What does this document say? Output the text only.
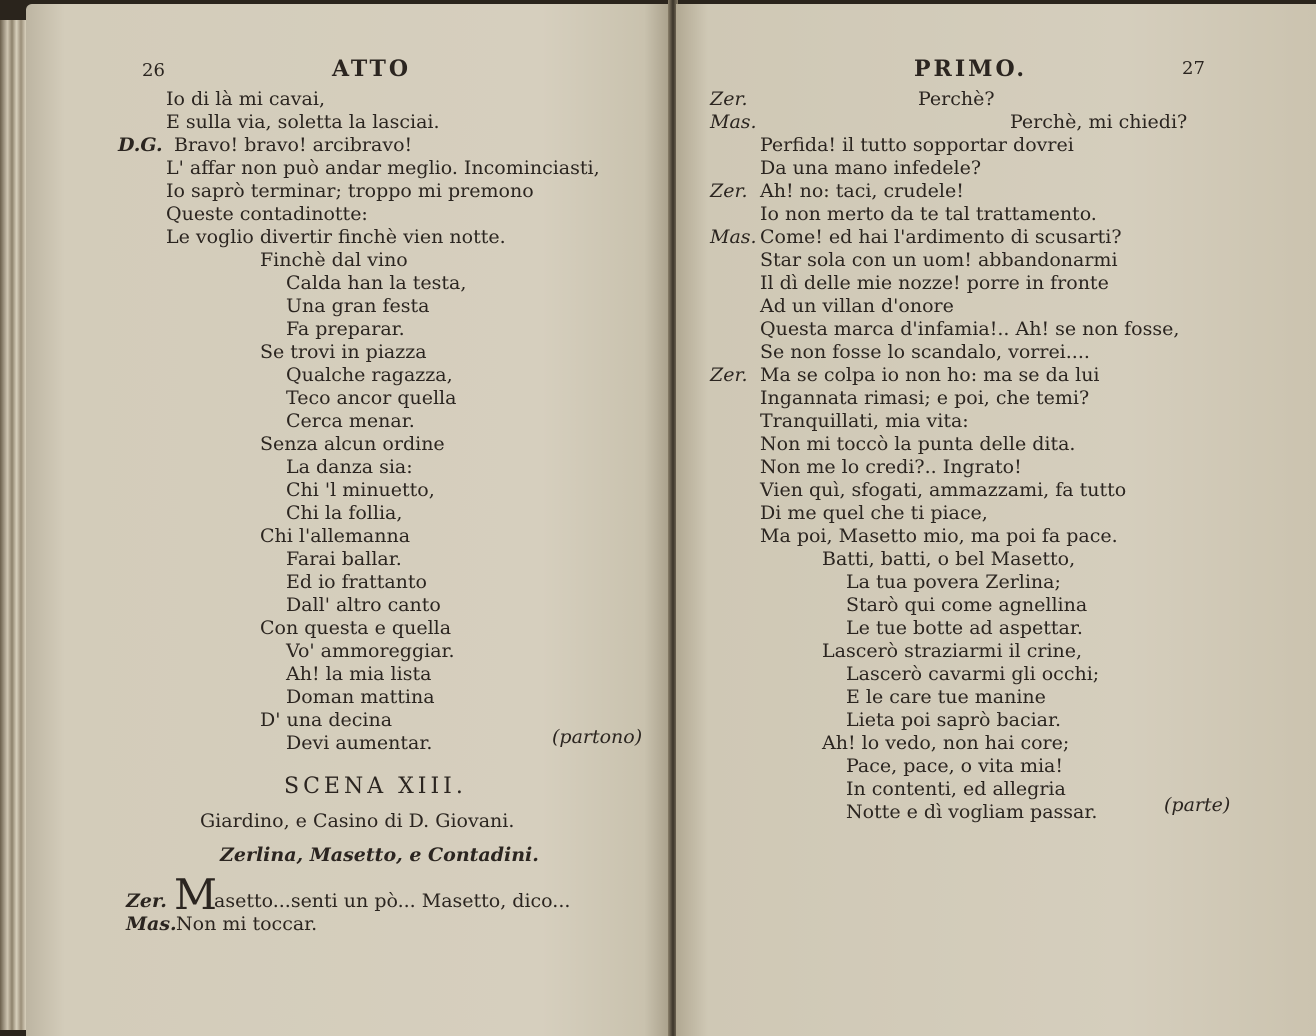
26	ATTO
Io di là mi cavai,
E sulla via, soletta la lasciai.
D.G. Bravo! bravo! arcibravo!
L' affar non può andar meglio. Incominciasti,
Io saprò terminar; troppo mi premono
Queste contadinotte:
Le voglio divertir finchè vien notte.
Finchè dal vino
Calda han la testa,
Una gran festa
Fa preparar.
Se trovi in piazza
Qualche ragazza,
Teco ancor quella
Cerca menar.
Senza alcun ordine
La danza sia:
Chi 'l minuetto,
Chi la follia,
Chi l'allemanna
Farai ballar.
Ed io frattanto
Dall' altro canto
Con questa e quella
Vo' ammoreggiar.
Ah! la mia lista
Doman mattina
D' una decina
Devi aumentar.	(partono)
SCENA XIII.
Giardino, e Casino di D. Giovani.
Zerlina, Masetto, e Contadini.
Zer. M
asetto...senti un pò... Masetto, dico...
Mas. Non mi toccar.
PRIMO.	27
Zer.	Perchè?
Mas.	Perchè, mi chiedi?
Perfida! il tutto sopportar dovrei
Da una mano infedele?
Zer. Ah! no: taci, crudele!
Io non merto da te tal trattamento.
Mas. Come! ed hai l'ardimento di scusarti?
Star sola con un uom! abbandonarmi
Il dì delle mie nozze! porre in fronte
Ad un villan d'onore
Questa marca d'infamia!.. Ah! se non fosse,
Se non fosse lo scandalo, vorrei....
Zer. Ma se colpa io non ho: ma se da lui
Ingannata rimasi; e poi, che temi?
Tranquillati, mia vita:
Non mi toccò la punta delle dita.
Non me lo credi?.. Ingrato!
Vien quì, sfogati, ammazzami, fa tutto
Di me quel che ti piace,
Ma poi, Masetto mio, ma poi fa pace.
Batti, batti, o bel Masetto,
La tua povera Zerlina;
Starò qui come agnellina
Le tue botte ad aspettar.
Lascerò straziarmi il crine,
Lascerò cavarmi gli occhi;
E le care tue manine
Lieta poi saprò baciar.
Ah! lo vedo, non hai core;
Pace, pace, o vita mia!
In contenti, ed allegria
Notte e dì vogliam passar.	(parte)
